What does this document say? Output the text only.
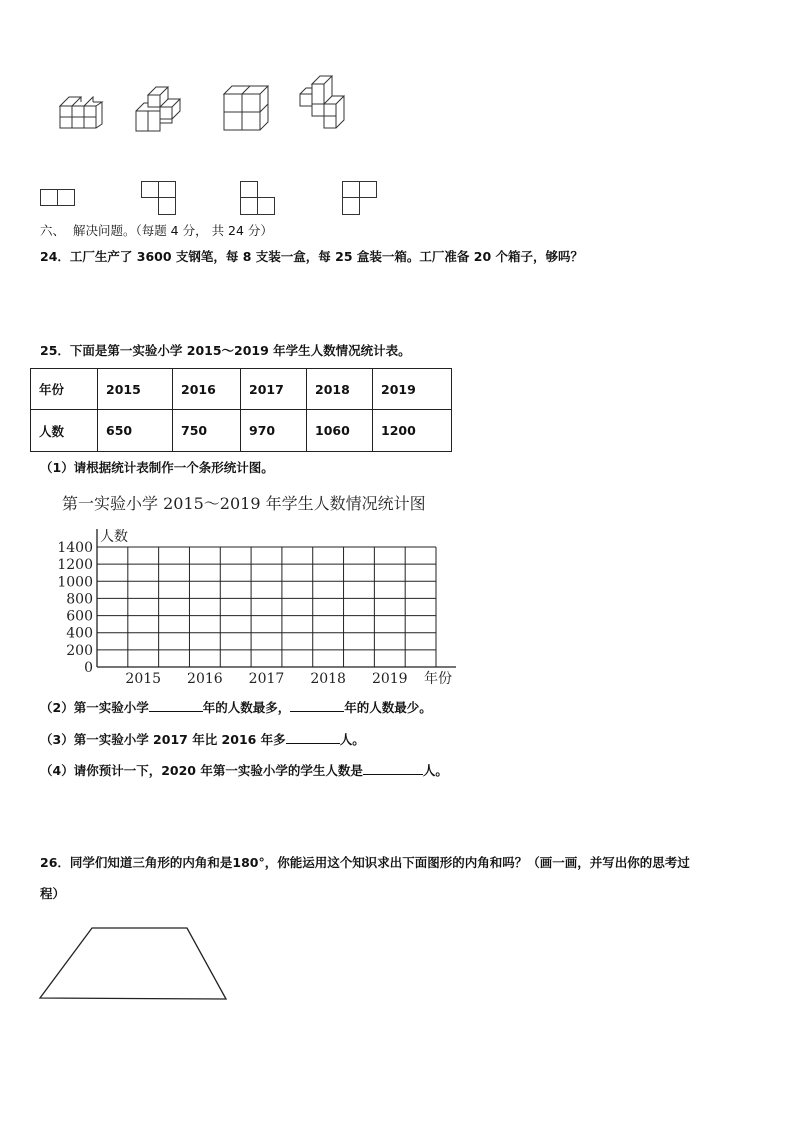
六、  解决问题。（每题 4 分， 共 24 分）
24．工厂生产了 3600 支钢笔，每 8 支装一盒，每 25 盒装一箱。工厂准备 20 个箱子，够吗？
25．下面是第一实验小学 2015～2019 年学生人数情况统计表。
年份	2015	2016	2017	2018	2019
人数	650	750	970	1060	1200
（1）请根据统计表制作一个条形统计图。
第一实验小学 2015～2019 年学生人数情况统计图
0
200
400
600
800
1000
1200
1400
2015 2016 2017 2018 2019
人数
年份
（2）第一实验小学	年的人数最多，	年的人数最少。
（3）第一实验小学 2017 年比 2016 年多	人。
（4）请你预计一下，2020 年第一实验小学的学生人数是	人。
26．同学们知道三角形的内角和是180°，你能运用这个知识求出下面图形的内角和吗？（画一画，并写出你的思考过
程）
